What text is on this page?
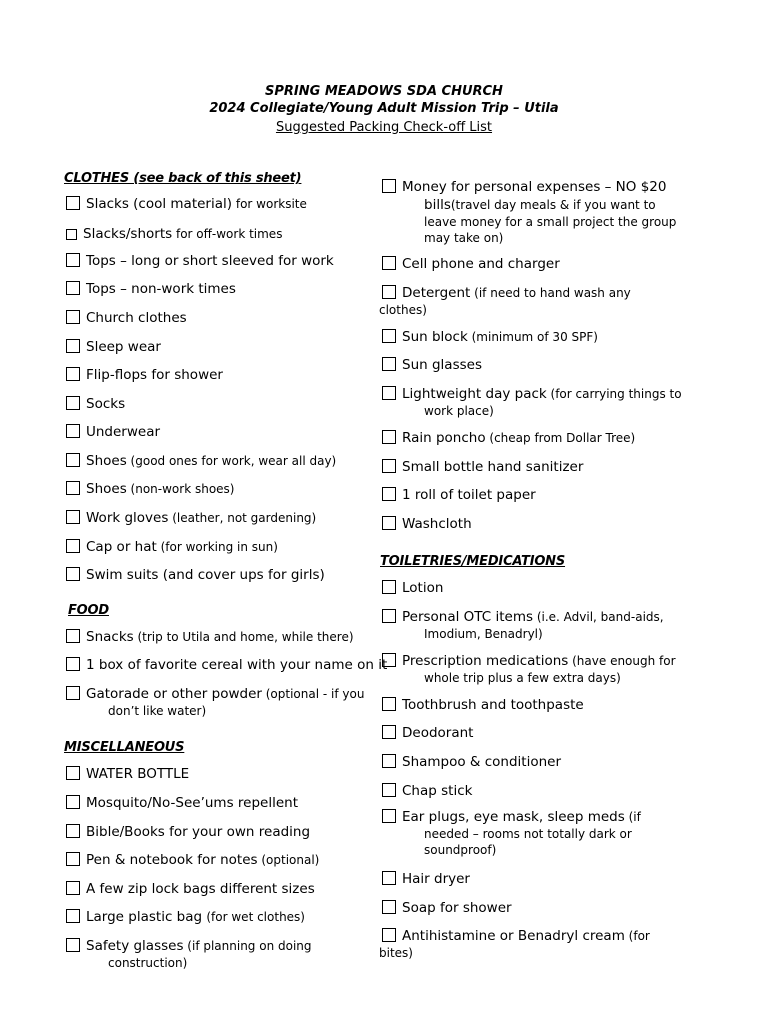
SPRING MEADOWS SDA CHURCH
2024 Collegiate/Young Adult Mission Trip – Utila
Suggested Packing Check-off List
CLOTHES (see back of this sheet)
FOOD
MISCELLANEOUS
TOILETRIES/MEDICATIONS
Money for personal expenses – NO $20
bills (travel day meals & if you want to
leave money for a small project the group
may take on)
Slacks (cool material) for worksite
Slacks/shorts for off-work times
Tops – long or short sleeved for work
Tops – non-work times
Church clothes
Sleep wear
Flip-flops for shower
Socks
Underwear
Shoes (good ones for work, wear all day)
Shoes (non-work shoes)
Work gloves (leather, not gardening)
Cap or hat (for working in sun)
Swim suits (and cover ups for girls)
Snacks (trip to Utila and home, while there)
1 box of favorite cereal with your name on it
Gatorade or other powder (optional - if you
don’t like water)
WATER BOTTLE
Mosquito/No-See’ums repellent
Bible/Books for your own reading
Pen & notebook for notes (optional)
A few zip lock bags different sizes
Large plastic bag (for wet clothes)
Safety glasses (if planning on doing
construction)
Cell phone and charger
Detergent (if need to hand wash any
clothes)
Sun block (minimum of 30 SPF)
Sun glasses
Lightweight day pack (for carrying things to
work place)
Rain poncho (cheap from Dollar Tree)
Small bottle hand sanitizer
1 roll of toilet paper
Washcloth
Lotion
Personal OTC items (i.e. Advil, band-aids,
Imodium, Benadryl)
Prescription medications (have enough for
whole trip plus a few extra days)
Toothbrush and toothpaste
Deodorant
Shampoo & conditioner
Chap stick
Ear plugs, eye mask, sleep meds (if
needed – rooms not totally dark or
soundproof)
Hair dryer
Soap for shower
Antihistamine or Benadryl cream (for
bites)
